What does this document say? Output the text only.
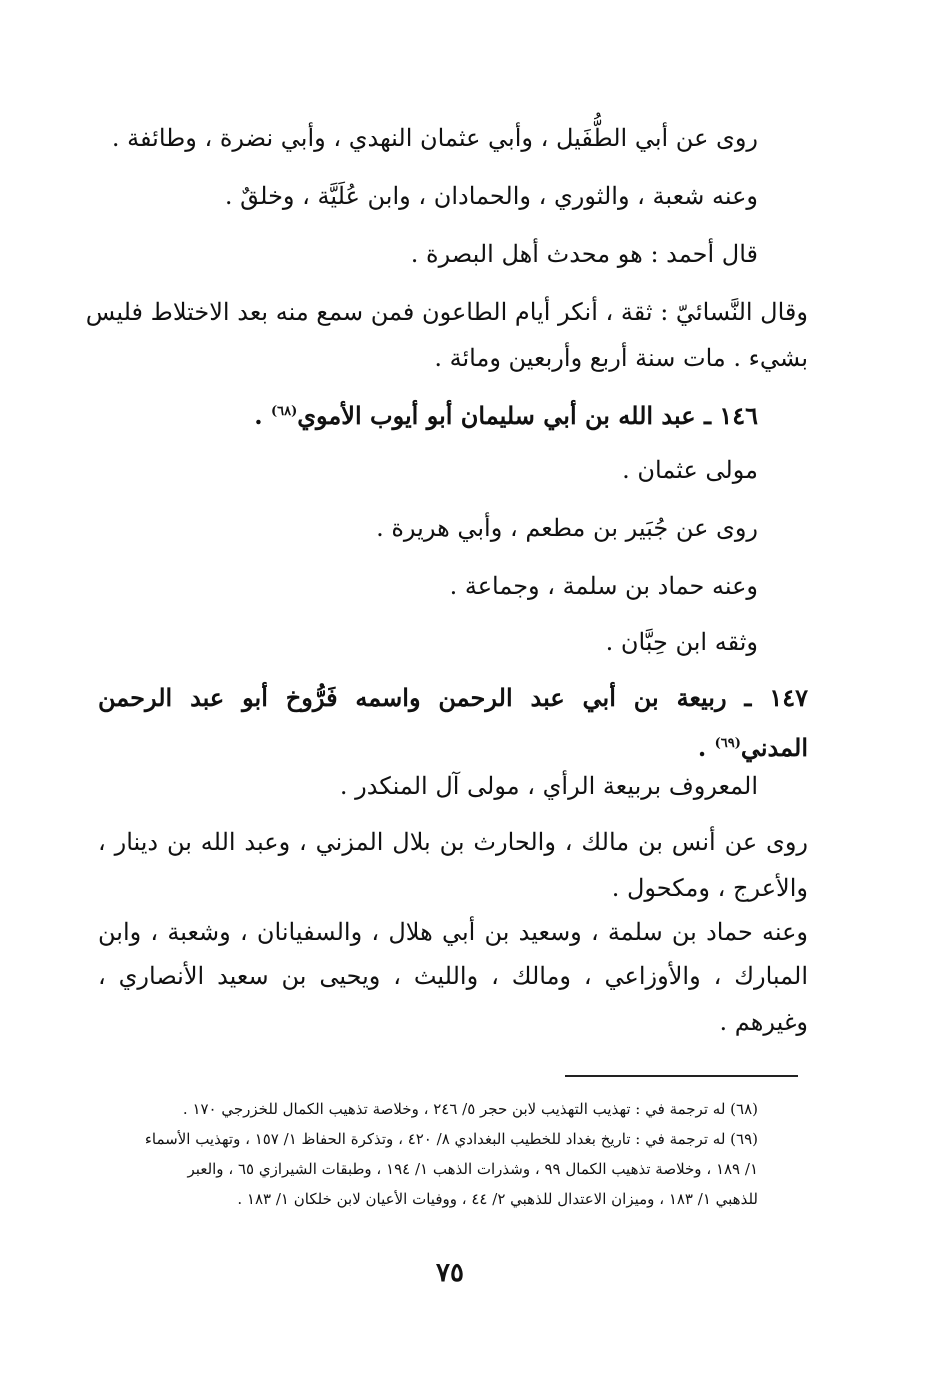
روى عن أبي الطُّفَيل ، وأبي عثمان النهدي ، وأبي نضرة ، وطائفة .
وعنه شعبة ، والثوري ، والحمادان ، وابن عُلَيَّة ، وخلقٌ .
قال أحمد : هو محدث أهل البصرة .
وقال النَّسائيّ : ثقة ، أنكر أيام الطاعون فمن سمع منه بعد الاختلاط فليس
بشيء . مات سنة أربع وأربعين ومائة .
١٤٦ ـ عبد الله بن أبي سليمان أبو أيوب الأموي$^{(٦٨)}$ .
مولى عثمان .
روى عن جُبَير بن مطعم ، وأبي هريرة .
وعنه حماد بن سلمة ، وجماعة .
وثقه ابن حِبَّان .
١٤٧ ـ ربيعة بن أبي عبد الرحمن واسمه فَرُّوخ أبو عبد الرحمن
المدني$^{(٦٩)}$ .
المعروف بربيعة الرأي ، مولى آل المنكدر .
روى عن أنس بن مالك ، والحارث بن بلال المزني ، وعبد الله بن دينار ،
والأعرج ، ومكحول .
وعنه حماد بن سلمة ، وسعيد بن أبي هلال ، والسفيانان ، وشعبة ، وابن
المبارك ، والأوزاعي ، ومالك ، والليث ، ويحيى بن سعيد الأنصاري ،
وغيرهم .
(٦٨) له ترجمة في : تهذيب التهذيب لابن حجر ٥/ ٢٤٦ ، وخلاصة تذهيب الكمال للخزرجي ١٧٠ .
(٦٩) له ترجمة في : تاريخ بغداد للخطيب البغدادي ٨/ ٤٢٠ ، وتذكرة الحفاظ ١/ ١٥٧ ، وتهذيب الأسماء
١/ ١٨٩ ، وخلاصة تذهيب الكمال ٩٩ ، وشذرات الذهب ١/ ١٩٤ ، وطبقات الشيرازي ٦٥ ، والعبر
للذهبي ١/ ١٨٣ ، وميزان الاعتدال للذهبي ٢/ ٤٤ ، ووفيات الأعيان لابن خلكان ١/ ١٨٣ .
٧٥
